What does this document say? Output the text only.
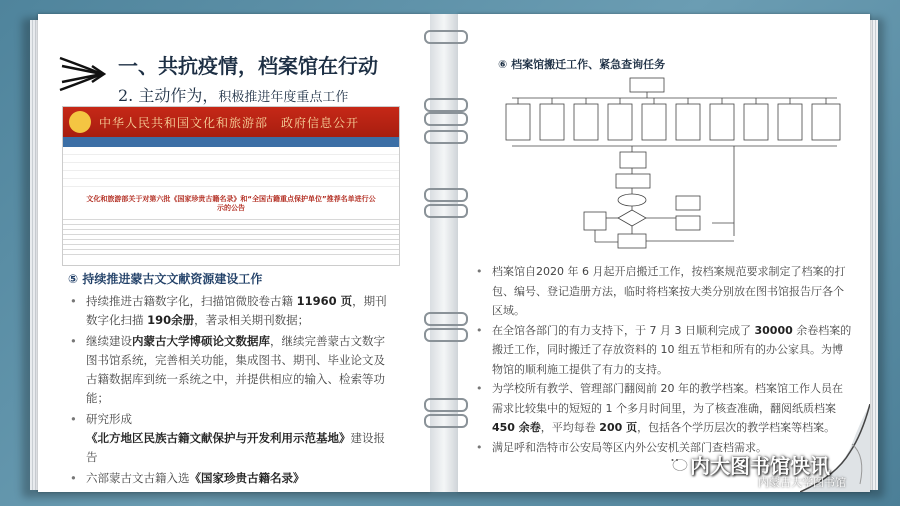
一、共抗疫情，档案馆在行动
2. 主动作为，积极推进年度重点工作
中华人民共和国文化和旅游部　政府信息公开
文化和旅游部关于对第六批《国家珍贵古籍名录》和“全国古籍重点保护单位”推荐名单进行公示的公告
⑤ 持续推进蒙古文文献资源建设工作
• 持续推进古籍数字化，扫描馆微胶卷古籍 11960 页，期刊数字化扫描 190余册，著录相关期刊数据；
• 继续建设内蒙古大学博硕论文数据库，继续完善蒙古文数字图书馆系统，完善相关功能，集成图书、期刊、毕业论文及古籍数据库到统一系统之中，并提供相应的输入、检索等功能；
• 研究形成《北方地区民族古籍文献保护与开发利用示范基地》建设报告
• 六部蒙古文古籍入选《国家珍贵古籍名录》
⑥ 档案馆搬迁工作、紧急查询任务
• 档案馆自2020 年 6 月起开启搬迁工作，按档案规范要求制定了档案的打包、编号、登记造册方法，临时将档案按大类分别放在图书馆报告厅各个区域。
• 在全馆各部门的有力支持下，于 7 月 3 日顺利完成了 30000 余卷档案的搬迁工作，同时搬迁了存放资料的 10 组五节柜和所有的办公家具。为博物馆的顺利施工提供了有力的支持。
• 为学校所有教学、管理部门翻阅前 20 年的教学档案。档案馆工作人员在需求比较集中的短短的 1 个多月时间里，为了核查准确，翻阅纸质档案 450 余卷，平均每卷 200 页，包括各个学历层次的教学档案等档案。
• 满足呼和浩特市公安局等区内外公安机关部门查档需求。
内大图书馆快讯
内蒙古大学图书馆
